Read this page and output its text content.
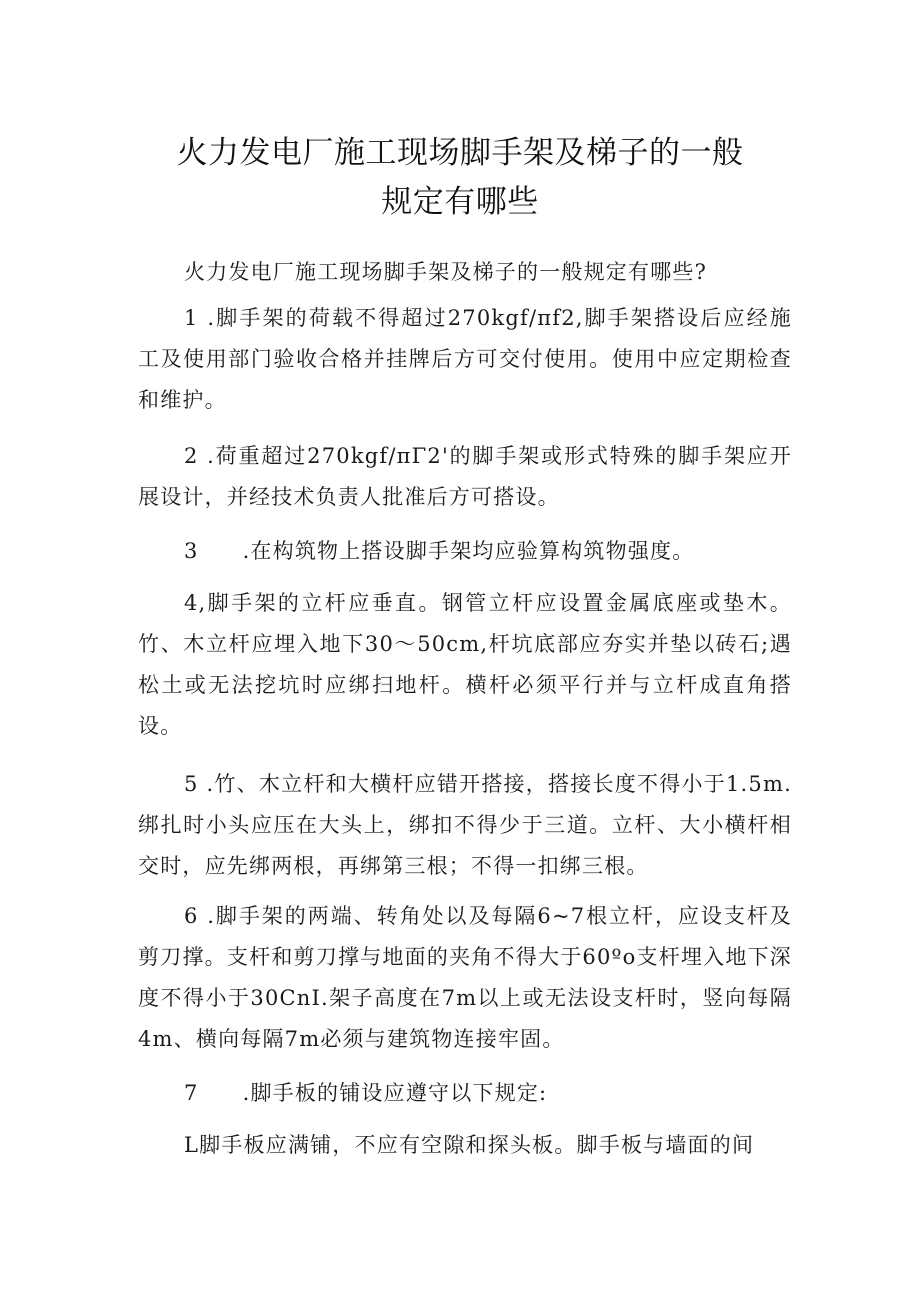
火力发电厂施工现场脚手架及梯子的一般
规定有哪些

火力发电厂施工现场脚手架及梯子的一般规定有哪些?

1 .脚手架的荷载不得超过270kgf/πf2,脚手架搭设后应经施工及使用部门验收合格并挂牌后方可交付使用。使用中应定期检查和维护。

2 .荷重超过270kgf/πΓ2'的脚手架或形式特殊的脚手架应开展设计，并经技术负责人批准后方可搭设。

3 .在构筑物上搭设脚手架均应验算构筑物强度。

4,脚手架的立杆应垂直。钢管立杆应设置金属底座或垫木。竹、木立杆应埋入地下30～50cm,杆坑底部应夯实并垫以砖石;遇松土或无法挖坑时应绑扫地杆。横杆必须平行并与立杆成直角搭设。

5 .竹、木立杆和大横杆应错开搭接，搭接长度不得小于1.5m.绑扎时小头应压在大头上，绑扣不得少于三道。立杆、大小横杆相交时，应先绑两根，再绑第三根；不得一扣绑三根。

6 .脚手架的两端、转角处以及每隔6~7根立杆，应设支杆及剪刀撑。支杆和剪刀撑与地面的夹角不得大于60ºo支杆埋入地下深度不得小于30CnI.架子高度在7m以上或无法设支杆时，竖向每隔4m、横向每隔7m必须与建筑物连接牢固。

7 .脚手板的铺设应遵守以下规定:

L脚手板应满铺，不应有空隙和探头板。脚手板与墙面的间
